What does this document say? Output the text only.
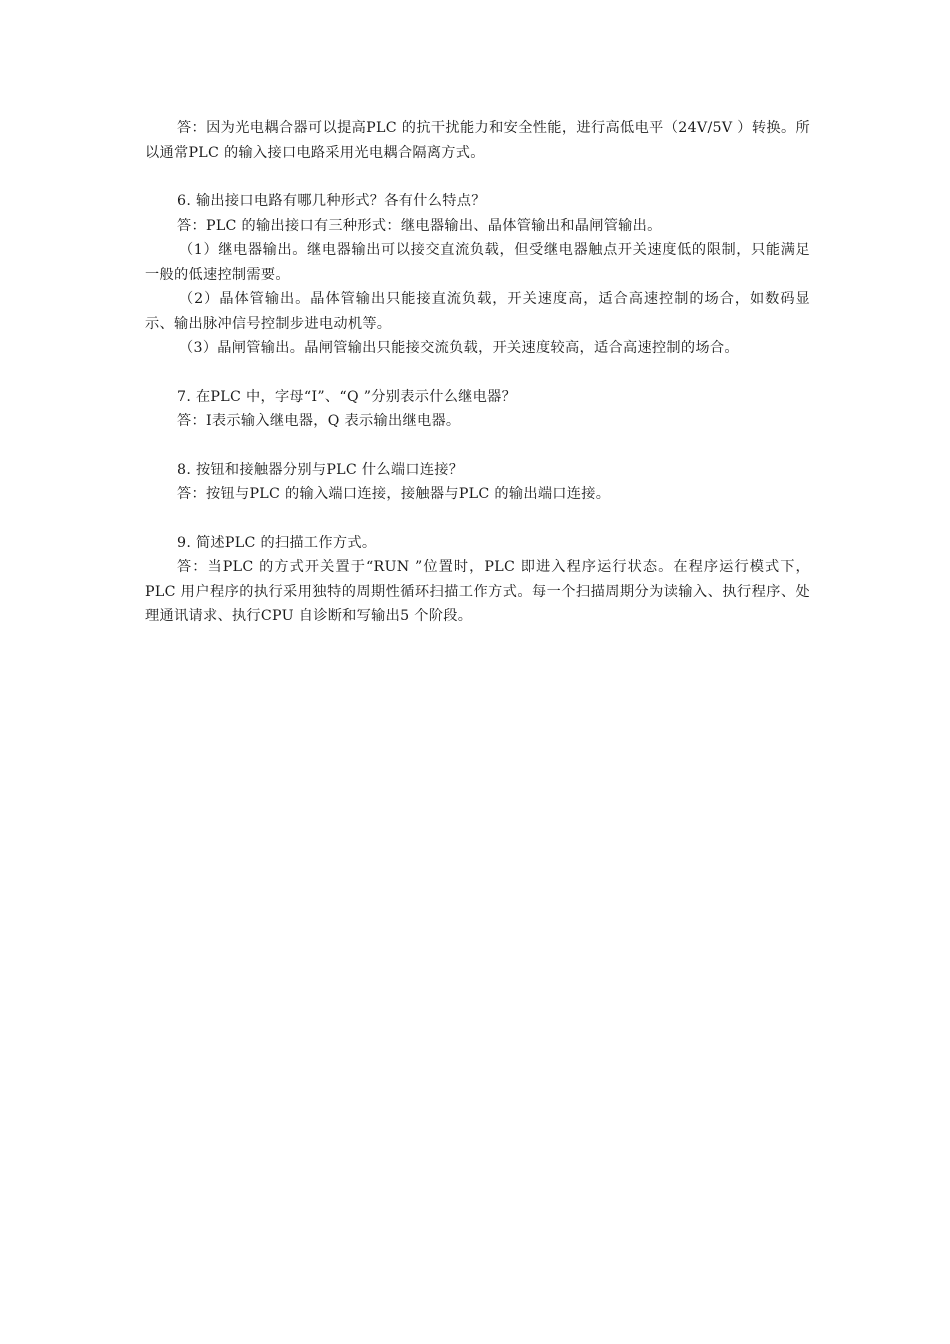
答：因为光电耦合器可以提高PLC 的抗干扰能力和安全性能，进行高低电平（24V/5V ）转换。所以通常PLC 的输入接口电路采用光电耦合隔离方式。

6. 输出接口电路有哪几种形式？各有什么特点？

答：PLC 的输出接口有三种形式：继电器输出、晶体管输出和晶闸管输出。

（1）继电器输出。继电器输出可以接交直流负载，但受继电器触点开关速度低的限制，只能满足一般的低速控制需要。

（2）晶体管输出。晶体管输出只能接直流负载，开关速度高，适合高速控制的场合，如数码显示、输出脉冲信号控制步进电动机等。

（3）晶闸管输出。晶闸管输出只能接交流负载，开关速度较高，适合高速控制的场合。

7. 在PLC 中，字母“I”、“Q ”分别表示什么继电器？

答：I表示输入继电器，Q 表示输出继电器。

8. 按钮和接触器分别与PLC 什么端口连接？

答：按钮与PLC 的输入端口连接，接触器与PLC 的输出端口连接。

9. 简述PLC 的扫描工作方式。

答：当PLC 的方式开关置于“RUN ”位置时，PLC 即进入程序运行状态。在程序运行模式下，PLC 用户程序的执行采用独特的周期性循环扫描工作方式。每一个扫描周期分为读输入、执行程序、处理通讯请求、执行CPU 自诊断和写输出5 个阶段。
